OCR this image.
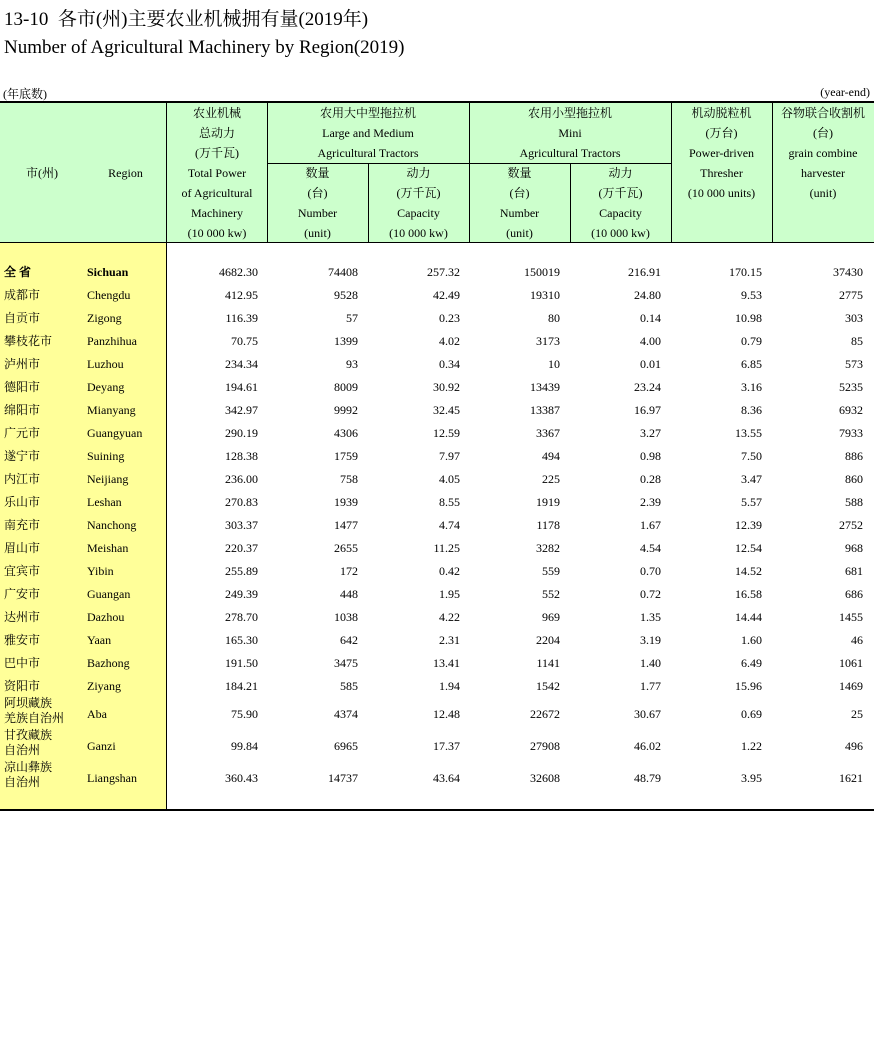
13-10 各市(州)主要农业机械拥有量(2019年)
Number of Agricultural Machinery by Region(2019)
(年底数)	(year-end)
市(州)	Region
农业机械
总动力
(万千瓦)
Total Power
of Agricultural
Machinery
(10 000 kw)
农用大中型拖拉机
Large and Medium
Agricultural Tractors
数量
(台)
Number
(unit)
动力
(万千瓦)
Capacity
(10 000 kw)
农用小型拖拉机
Mini
Agricultural Tractors
数量
(台)
Number
(unit)
动力
(万千瓦)
Capacity
(10 000 kw)
机动脱粒机
(万台)
Power-driven
Thresher
(10 000 units)
谷物联合收割机
(台)
grain combine
harvester
(unit)
全 省	Sichuan	4682.30	74408	257.32	150019	216.91	170.15	37430
成都市	Chengdu	412.95	9528	42.49	19310	24.80	9.53	2775
自贡市	Zigong	116.39	57	0.23	80	0.14	10.98	303
攀枝花市	Panzhihua	70.75	1399	4.02	3173	4.00	0.79	85
泸州市	Luzhou	234.34	93	0.34	10	0.01	6.85	573
德阳市	Deyang	194.61	8009	30.92	13439	23.24	3.16	5235
绵阳市	Mianyang	342.97	9992	32.45	13387	16.97	8.36	6932
广元市	Guangyuan	290.19	4306	12.59	3367	3.27	13.55	7933
遂宁市	Suining	128.38	1759	7.97	494	0.98	7.50	886
内江市	Neijiang	236.00	758	4.05	225	0.28	3.47	860
乐山市	Leshan	270.83	1939	8.55	1919	2.39	5.57	588
南充市	Nanchong	303.37	1477	4.74	1178	1.67	12.39	2752
眉山市	Meishan	220.37	2655	11.25	3282	4.54	12.54	968
宜宾市	Yibin	255.89	172	0.42	559	0.70	14.52	681
广安市	Guangan	249.39	448	1.95	552	0.72	16.58	686
达州市	Dazhou	278.70	1038	4.22	969	1.35	14.44	1455
雅安市	Yaan	165.30	642	2.31	2204	3.19	1.60	46
巴中市	Bazhong	191.50	3475	13.41	1141	1.40	6.49	1061
资阳市	Ziyang	184.21	585	1.94	1542	1.77	15.96	1469
阿坝藏族
羌族自治州 Aba	75.90	4374	12.48	22672	30.67	0.69	25
甘孜藏族
自治州	Ganzi	99.84	6965	17.37	27908	46.02	1.22	496
凉山彝族
自治州	Liangshan	360.43	14737	43.64	32608	48.79	3.95	1621
